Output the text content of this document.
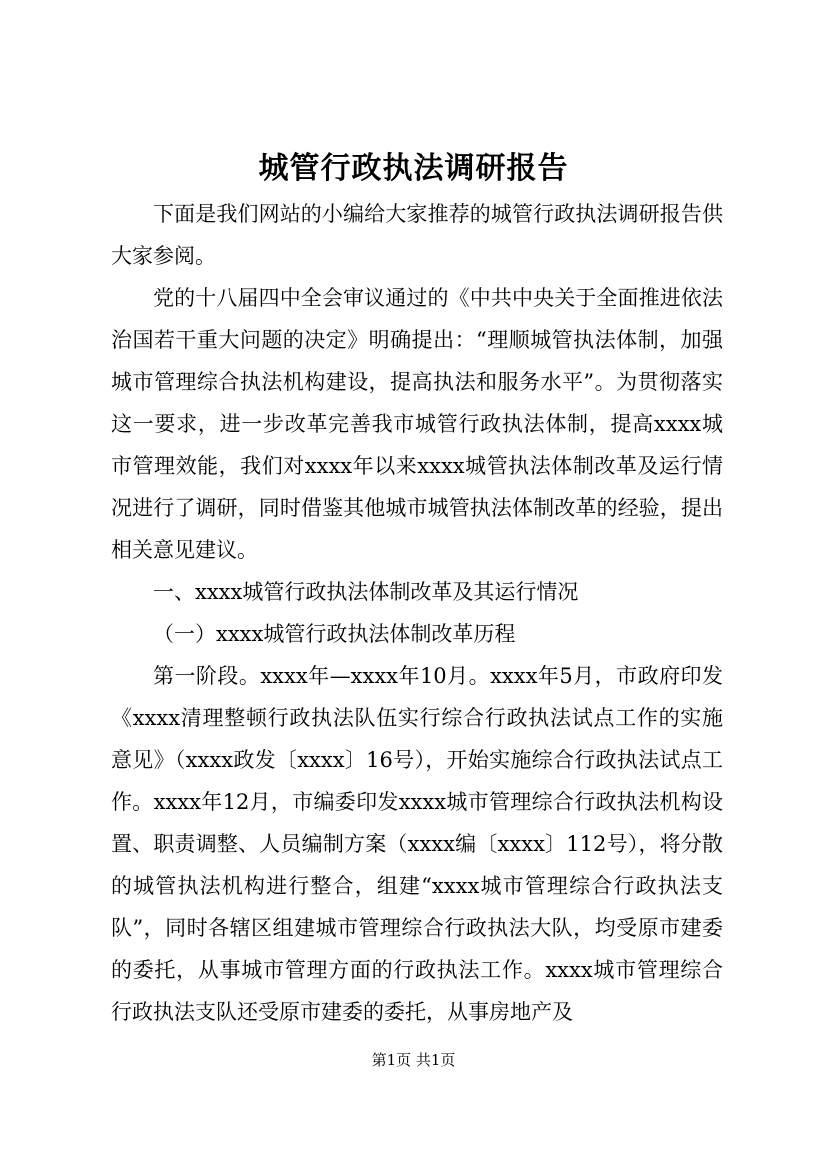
城管行政执法调研报告

下面是我们网站的小编给大家推荐的城管行政执法调研报告供大家参阅。

党的十八届四中全会审议通过的《中共中央关于全面推进依法治国若干重大问题的决定》明确提出：“理顺城管执法体制，加强城市管理综合执法机构建设，提高执法和服务水平”。为贯彻落实这一要求，进一步改革完善我市城管行政执法体制，提高xxxx城市管理效能，我们对xxxx年以来xxxx城管执法体制改革及运行情况进行了调研，同时借鉴其他城市城管执法体制改革的经验，提出相关意见建议。

一、xxxx城管行政执法体制改革及其运行情况

（一）xxxx城管行政执法体制改革历程

第一阶段。xxxx年—xxxx年10月。xxxx年5月，市政府印发《xxxx清理整顿行政执法队伍实行综合行政执法试点工作的实施意见》（xxxx政发〔xxxx〕16号），开始实施综合行政执法试点工作。xxxx年12月，市编委印发xxxx城市管理综合行政执法机构设置、职责调整、人员编制方案（xxxx编〔xxxx〕112号），将分散的城管执法机构进行整合，组建“xxxx城市管理综合行政执法支队”，同时各辖区组建城市管理综合行政执法大队，均受原市建委的委托，从事城市管理方面的行政执法工作。xxxx城市管理综合行政执法支队还受原市建委的委托，从事房地产及

第1页 共1页
